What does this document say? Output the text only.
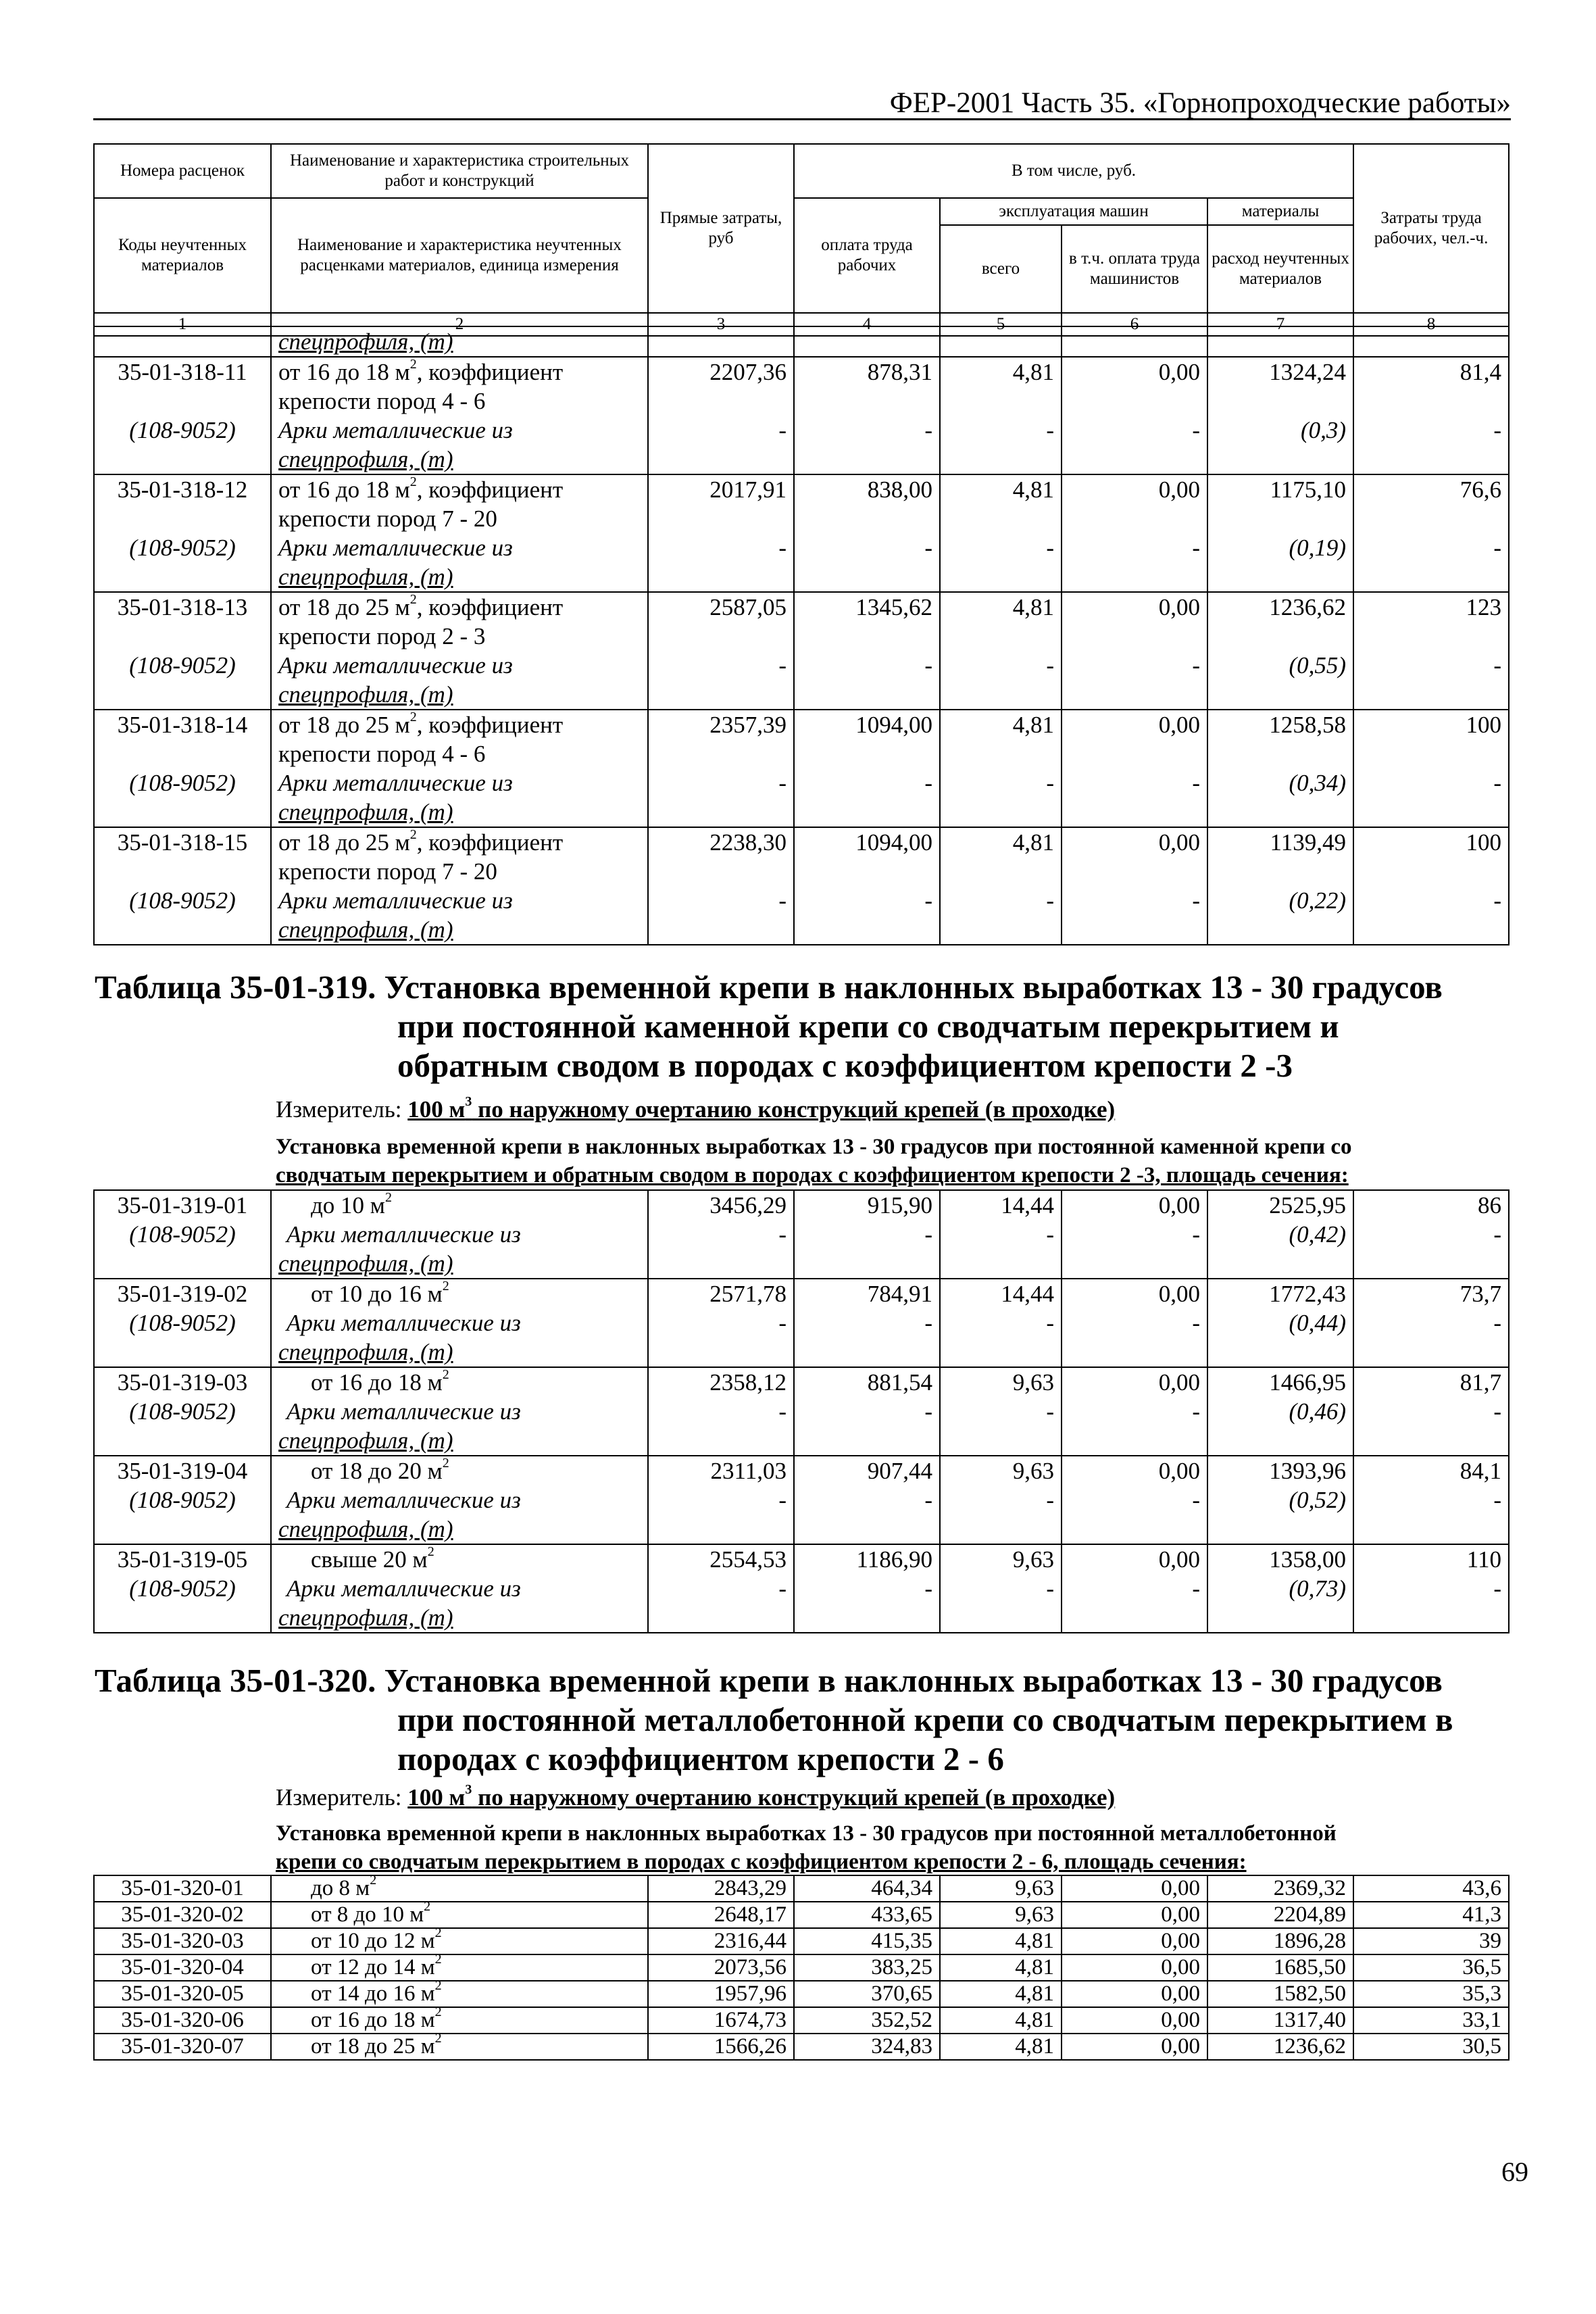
ФЕР-2001 Часть 35. «Горнопроходческие работы»
Номера расценок	Наименование и характеристика строительных работ и конструкций	Прямые затраты, руб	В том числе, руб.				Затраты труда рабочих, чел.-ч.
Коды неучтенных материалов	Наименование и характеристика неучтенных расценками материалов, единица измерения		оплата труда рабочих	эксплуатация машин		материалы	
				всего	в т.ч. оплата труда машинистов	расход неучтенных материалов	
1	2	3	4	5	6	7	8
	спецпрофиля, (т)						
35-01-318-11	от 16 до 18 $м^2$, коэффициент	2207,36	878,31	4,81	0,00	1324,24	81,4
	крепости пород 4 - 6						
(108-9052)	Арки металлические из	-	-	-	-	(0,3)	-
	спецпрофиля, (т)						
35-01-318-12	от 16 до 18 $м^2$, коэффициент	2017,91	838,00	4,81	0,00	1175,10	76,6
	крепости пород 7 - 20						
(108-9052)	Арки металлические из	-	-	-	-	(0,19)	-
	спецпрофиля, (т)						
35-01-318-13	от 18 до 25 $м^2$, коэффициент	2587,05	1345,62	4,81	0,00	1236,62	123
	крепости пород 2 - 3						
(108-9052)	Арки металлические из	-	-	-	-	(0,55)	-
	спецпрофиля, (т)						
35-01-318-14	от 18 до 25 $м^2$, коэффициент	2357,39	1094,00	4,81	0,00	1258,58	100
	крепости пород 4 - 6						
(108-9052)	Арки металлические из	-	-	-	-	(0,34)	-
	спецпрофиля, (т)						
35-01-318-15	от 18 до 25 $м^2$, коэффициент	2238,30	1094,00	4,81	0,00	1139,49	100
	крепости пород 7 - 20						
(108-9052)	Арки металлические из	-	-	-	-	(0,22)	-
	спецпрофиля, (т)						
Таблица 35-01-319. Установка временной крепи в наклонных выработках 13 - 30 градусов
при постоянной каменной крепи со сводчатым перекрытием и
обратным сводом в породах с коэффициентом крепости 2 -3
Измеритель: 100 $м^3$ по наружному очертанию конструкций крепей (в проходке)
Установка временной крепи в наклонных выработках 13 - 30 градусов при постоянной каменной крепи со
сводчатым перекрытием и обратным сводом в породах с коэффициентом крепости 2 -3, площадь сечения:
35-01-319-01	до 10 $м^2$	3456,29	915,90	14,44	0,00	2525,95	86
(108-9052)	Арки металлические из	-	-	-	-	(0,42)	-
	спецпрофиля, (т)						
35-01-319-02	от 10 до 16 $м^2$	2571,78	784,91	14,44	0,00	1772,43	73,7
(108-9052)	Арки металлические из	-	-	-	-	(0,44)	-
	спецпрофиля, (т)						
35-01-319-03	от 16 до 18 $м^2$	2358,12	881,54	9,63	0,00	1466,95	81,7
(108-9052)	Арки металлические из	-	-	-	-	(0,46)	-
	спецпрофиля, (т)						
35-01-319-04	от 18 до 20 $м^2$	2311,03	907,44	9,63	0,00	1393,96	84,1
(108-9052)	Арки металлические из	-	-	-	-	(0,52)	-
	спецпрофиля, (т)						
35-01-319-05	свыше 20 $м^2$	2554,53	1186,90	9,63	0,00	1358,00	110
(108-9052)	Арки металлические из	-	-	-	-	(0,73)	-
	спецпрофиля, (т)						
Таблица 35-01-320. Установка временной крепи в наклонных выработках 13 - 30 градусов
при постоянной металлобетонной крепи со сводчатым перекрытием в
породах с коэффициентом крепости 2 - 6
Измеритель: 100 $м^3$ по наружному очертанию конструкций крепей (в проходке)
Установка временной крепи в наклонных выработках 13 - 30 градусов при постоянной металлобетонной
крепи со сводчатым перекрытием в породах с коэффициентом крепости 2 - 6, площадь сечения:
35-01-320-01	до 8 $м^2$	2843,29	464,34	9,63	0,00	2369,32	43,6
35-01-320-02	от 8 до 10 $м^2$	2648,17	433,65	9,63	0,00	2204,89	41,3
35-01-320-03	от 10 до 12 $м^2$	2316,44	415,35	4,81	0,00	1896,28	39
35-01-320-04	от 12 до 14 $м^2$	2073,56	383,25	4,81	0,00	1685,50	36,5
35-01-320-05	от 14 до 16 $м^2$	1957,96	370,65	4,81	0,00	1582,50	35,3
35-01-320-06	от 16 до 18 $м^2$	1674,73	352,52	4,81	0,00	1317,40	33,1
35-01-320-07	от 18 до 25 $м^2$	1566,26	324,83	4,81	0,00	1236,62	30,5
69
